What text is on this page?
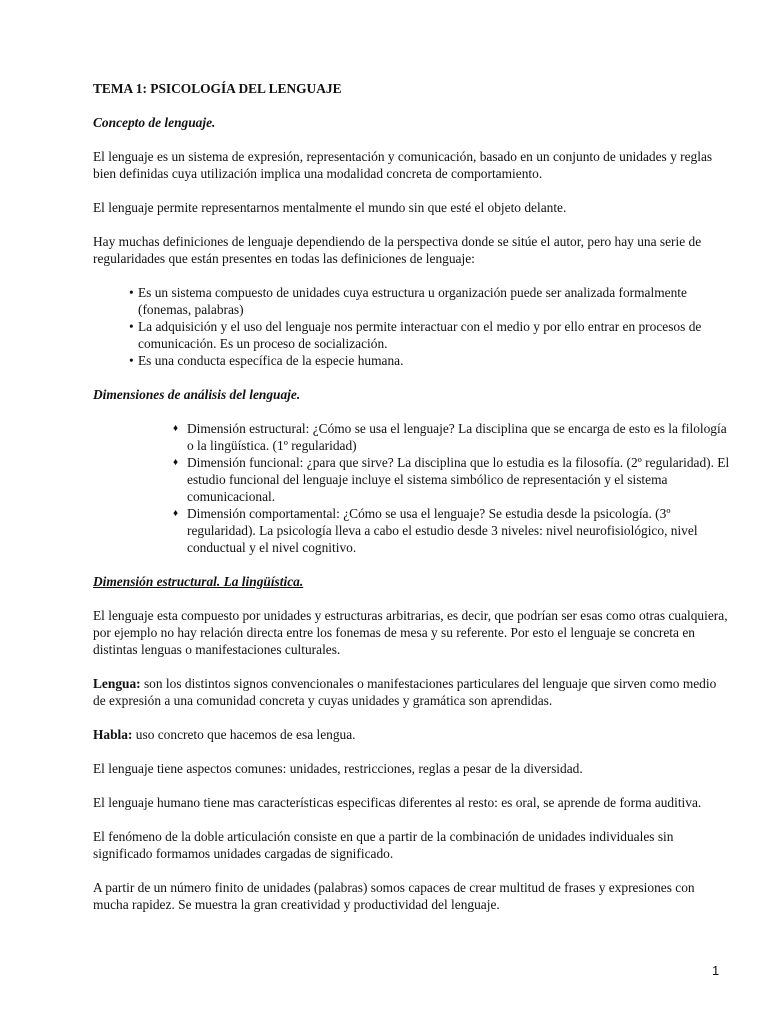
TEMA 1: PSICOLOGÍA DEL LENGUAJE

Concepto de lenguaje.

El lenguaje es un sistema de expresión, representación y comunicación, basado en un conjunto de unidades y reglas bien definidas cuya utilización implica una modalidad concreta de comportamiento.

El lenguaje permite representarnos mentalmente el mundo sin que esté el objeto delante.

Hay muchas definiciones de lenguaje dependiendo de la perspectiva donde se sitúe el autor, pero hay una serie de regularidades que están presentes en todas las definiciones de lenguaje:

• Es un sistema compuesto de unidades cuya estructura u organización puede ser analizada formalmente (fonemas, palabras)
• La adquisición y el uso del lenguaje nos permite interactuar con el medio y por ello entrar en procesos de comunicación. Es un proceso de socialización.
• Es una conducta específica de la especie humana.

Dimensiones de análisis del lenguaje.

♦ Dimensión estructural: ¿Cómo se usa el lenguaje? La disciplina que se encarga de esto es la filología o la lingüística. (1º regularidad)
♦ Dimensión funcional: ¿para que sirve? La disciplina que lo estudia es la filosofía. (2º regularidad). El estudio funcional del lenguaje incluye el sistema simbólico de representación y el sistema comunicacional.
♦ Dimensión comportamental: ¿Cómo se usa el lenguaje? Se estudia desde la psicología. (3º regularidad). La psicología lleva a cabo el estudio desde 3 niveles: nivel neurofisiológico, nivel conductual y el nivel cognitivo.

Dimensión estructural. La lingüística.

El lenguaje esta compuesto por unidades y estructuras arbitrarias, es decir, que podrían ser esas como otras cualquiera, por ejemplo no hay relación directa entre los fonemas de mesa y su referente. Por esto el lenguaje se concreta en distintas lenguas o manifestaciones culturales.

Lengua: son los distintos signos convencionales o manifestaciones particulares del lenguaje que sirven como medio de expresión a una comunidad concreta y cuyas unidades y gramática son aprendidas.

Habla: uso concreto que hacemos de esa lengua.

El lenguaje tiene aspectos comunes: unidades, restricciones, reglas a pesar de la diversidad.

El lenguaje humano tiene mas características especificas diferentes al resto: es oral, se aprende de forma auditiva.

El fenómeno de la doble articulación consiste en que a partir de la combinación de unidades individuales sin significado formamos unidades cargadas de significado.

A partir de un número finito de unidades (palabras) somos capaces de crear multitud de frases y expresiones con mucha rapidez. Se muestra la gran creatividad y productividad del lenguaje.

1
